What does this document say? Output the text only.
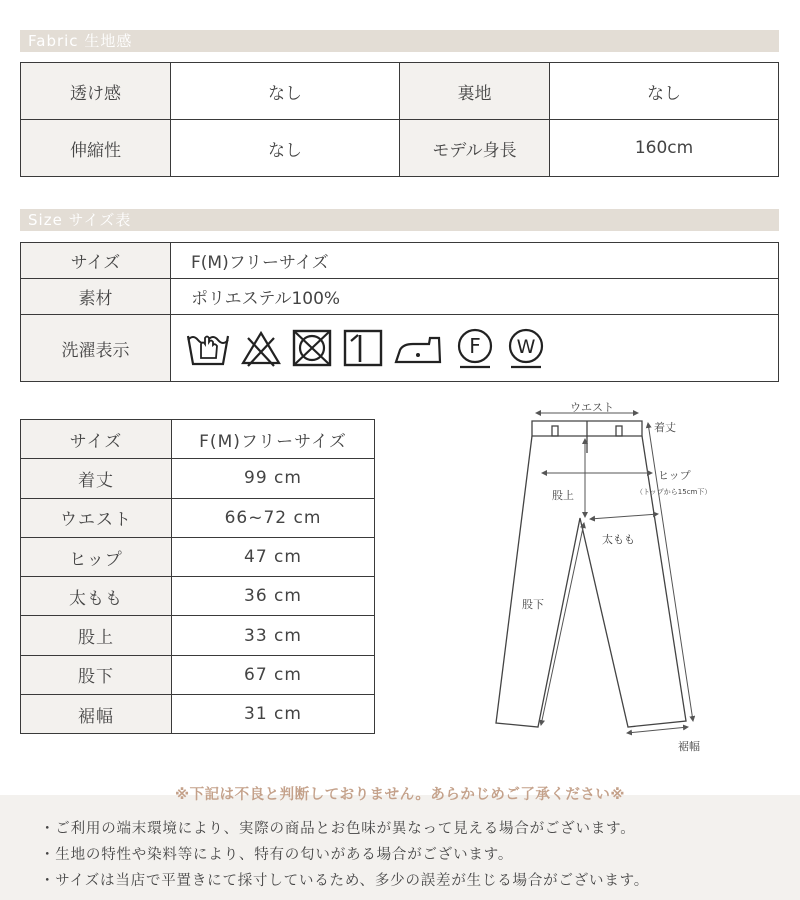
Fabric 生地感
透け感	なし	裏地	なし
伸縮性	なし	モデル身長	160cm
Size サイズ表
サイズ	F(M)フリーサイズ
素材	ポリエステル100%
洗濯表示	F W
サイズ	F(M)フリーサイズ
着丈	99 cm
ウエスト	66~72 cm
ヒップ	47 cm
太もも	36 cm
股上	33 cm
股下	67 cm
裾幅	31 cm
ウエスト
着丈
ヒップ
（トップから15cm下）
股上
太もも
股下
裾幅
※下記は不良と判断しておりません。あらかじめご了承ください※
・ご利用の端末環境により、実際の商品とお色味が異なって見える場合がございます。
・生地の特性や染料等により、特有の匂いがある場合がございます。
・サイズは当店で平置きにて採寸しているため、多少の誤差が生じる場合がございます。
